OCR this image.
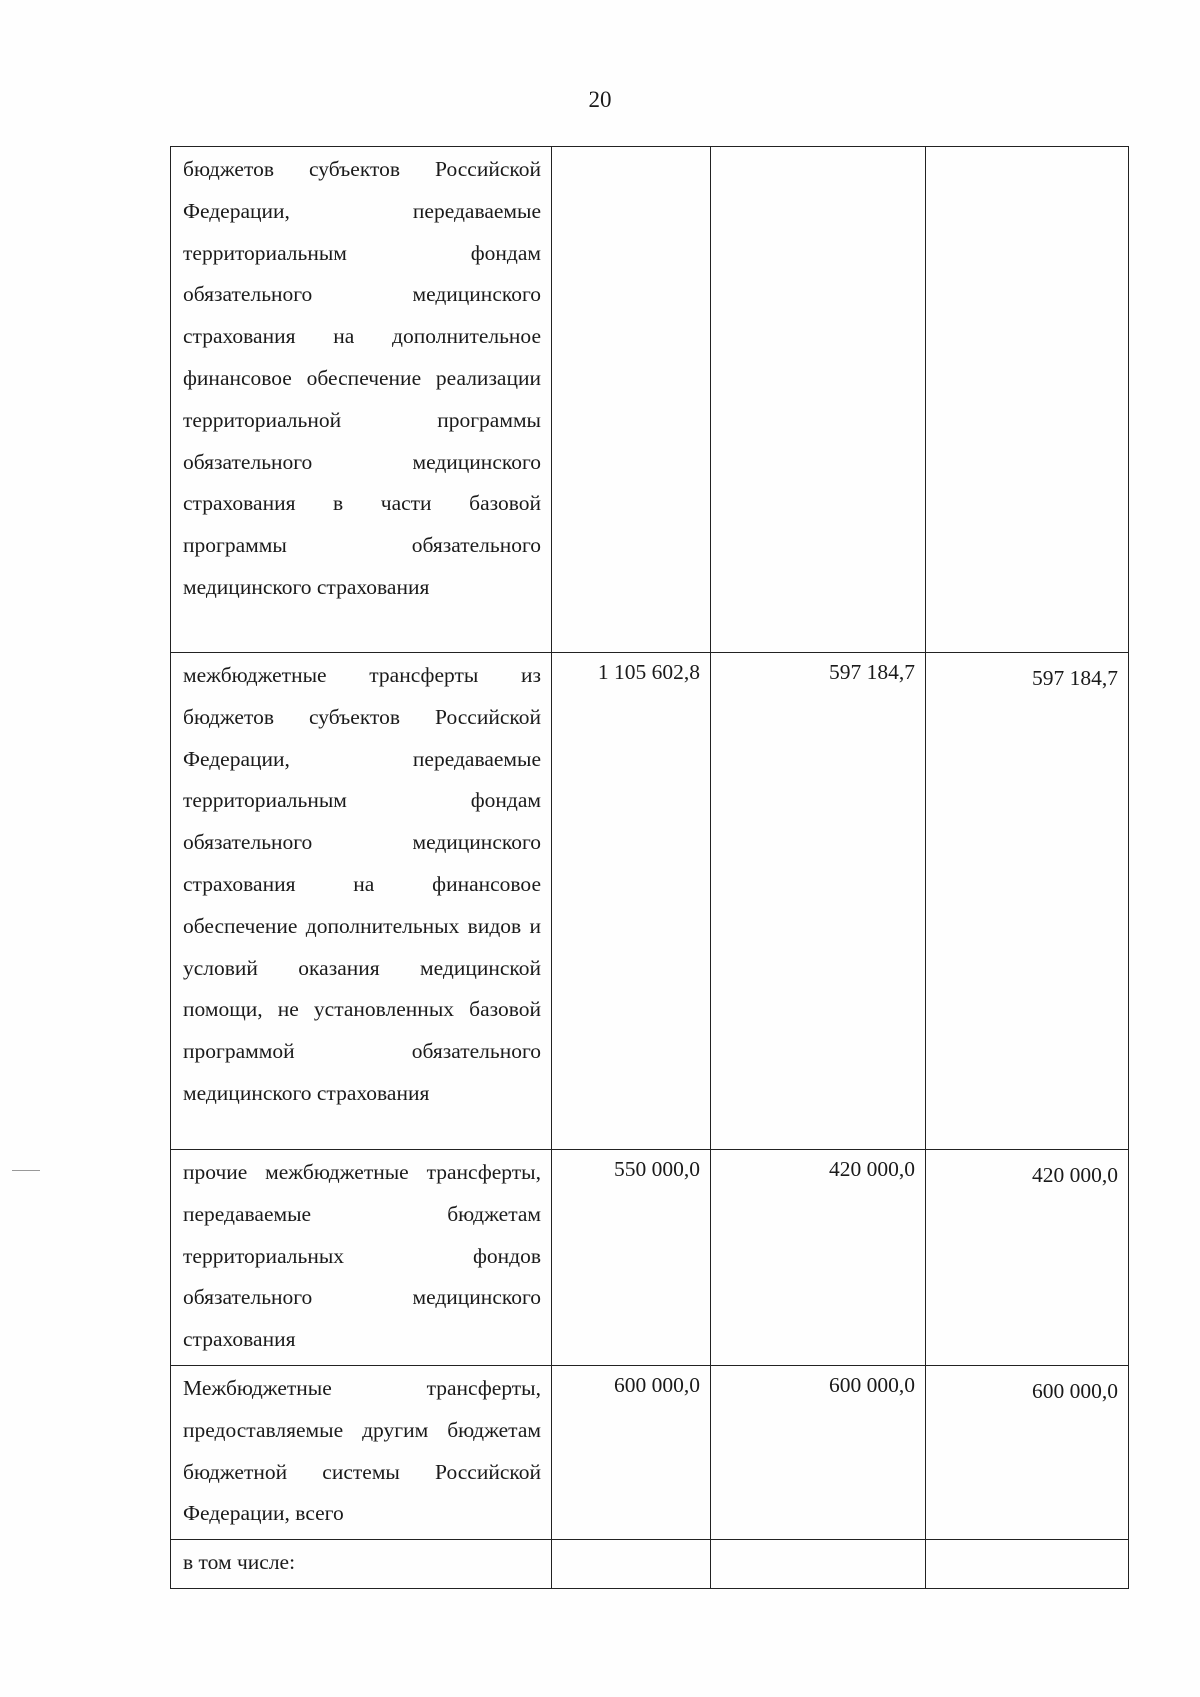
20
бюджетов субъектов Российской Федерации, передаваемые территориальным фондам обязательного медицинского страхования на дополнительное финансовое обеспечение реализации территориальной программы обязательного медицинского страхования в части базовой программы обязательного медицинского страхования			
межбюджетные трансферты из бюджетов субъектов Российской Федерации, передаваемые территориальным фондам обязательного медицинского страхования на финансовое обеспечение дополнительных видов и условий оказания медицинской помощи, не установленных базовой программой обязательного медицинского страхования	1 105 602,8	597 184,7	597 184,7
прочие межбюджетные трансферты, передаваемые бюджетам территориальных фондов обязательного медицинского страхования	550 000,0	420 000,0	420 000,0
Межбюджетные трансферты, предоставляемые другим бюджетам бюджетной системы Российской Федерации, всего	600 000,0	600 000,0	600 000,0
в том числе:			
